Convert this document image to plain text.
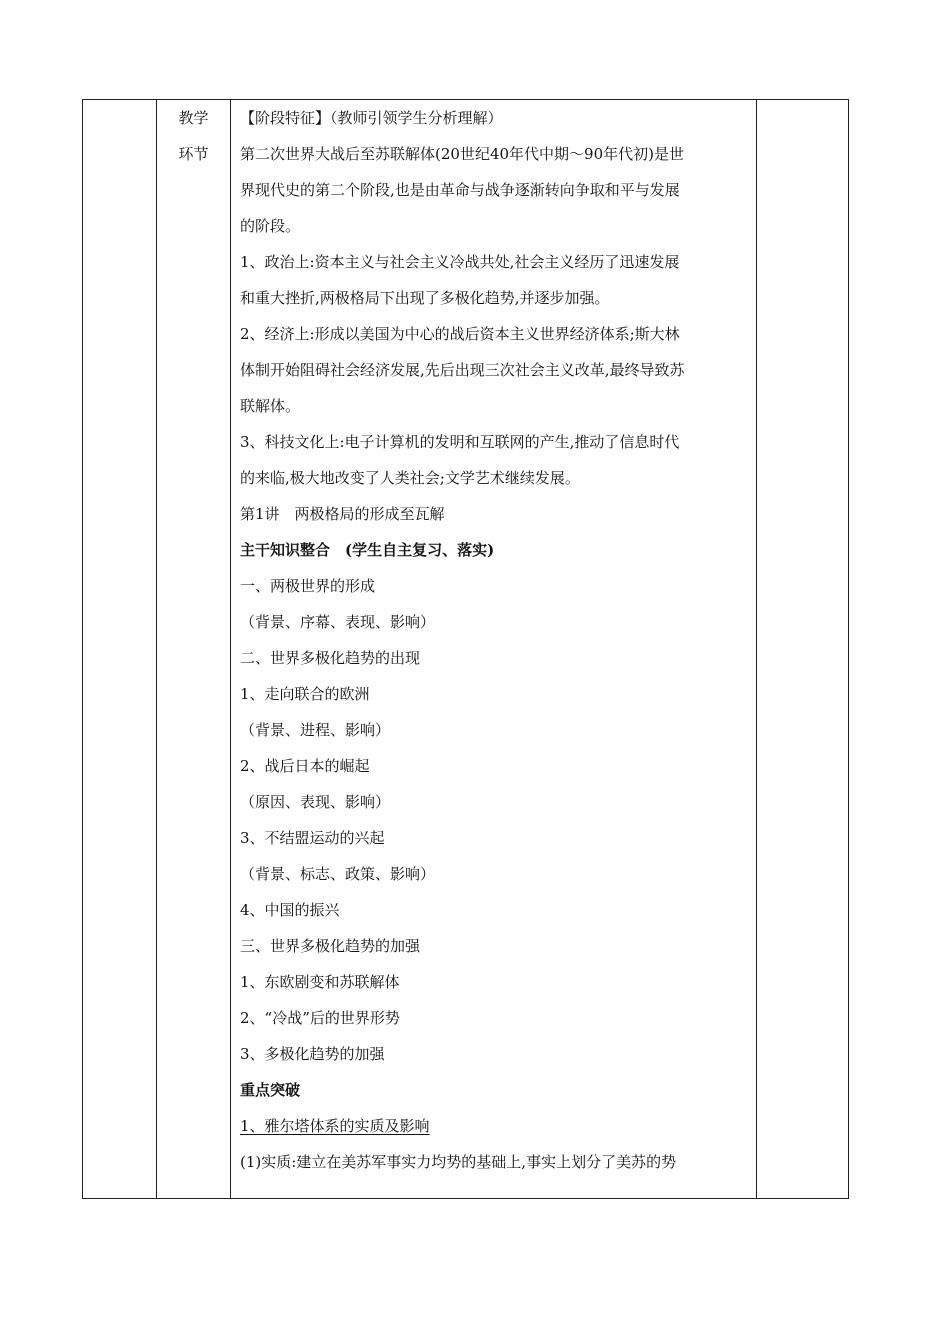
教学
环节

【阶段特征】（教师引领学生分析理解）

第二次世界大战后至苏联解体(20世纪40年代中期～90年代初)是世

界现代史的第二个阶段,也是由革命与战争逐渐转向争取和平与发展

的阶段。

1、政治上:资本主义与社会主义冷战共处,社会主义经历了迅速发展

和重大挫折,两极格局下出现了多极化趋势,并逐步加强。

2、经济上:形成以美国为中心的战后资本主义世界经济体系;斯大林

体制开始阻碍社会经济发展,先后出现三次社会主义改革,最终导致苏

联解体。

3、科技文化上:电子计算机的发明和互联网的产生,推动了信息时代

的来临,极大地改变了人类社会;文学艺术继续发展。

第1讲　两极格局的形成至瓦解

主干知识整合　(学生自主复习、落实)

一、两极世界的形成

（背景、序幕、表现、影响）

二、世界多极化趋势的出现

1、走向联合的欧洲

（背景、进程、影响）

2、战后日本的崛起

（原因、表现、影响）

3、不结盟运动的兴起

（背景、标志、政策、影响）

4、中国的振兴

三、世界多极化趋势的加强

1、东欧剧变和苏联解体

2、“冷战”后的世界形势

3、多极化趋势的加强

重点突破

1、雅尔塔体系的实质及影响

(1)实质:建立在美苏军事实力均势的基础上,事实上划分了美苏的势
